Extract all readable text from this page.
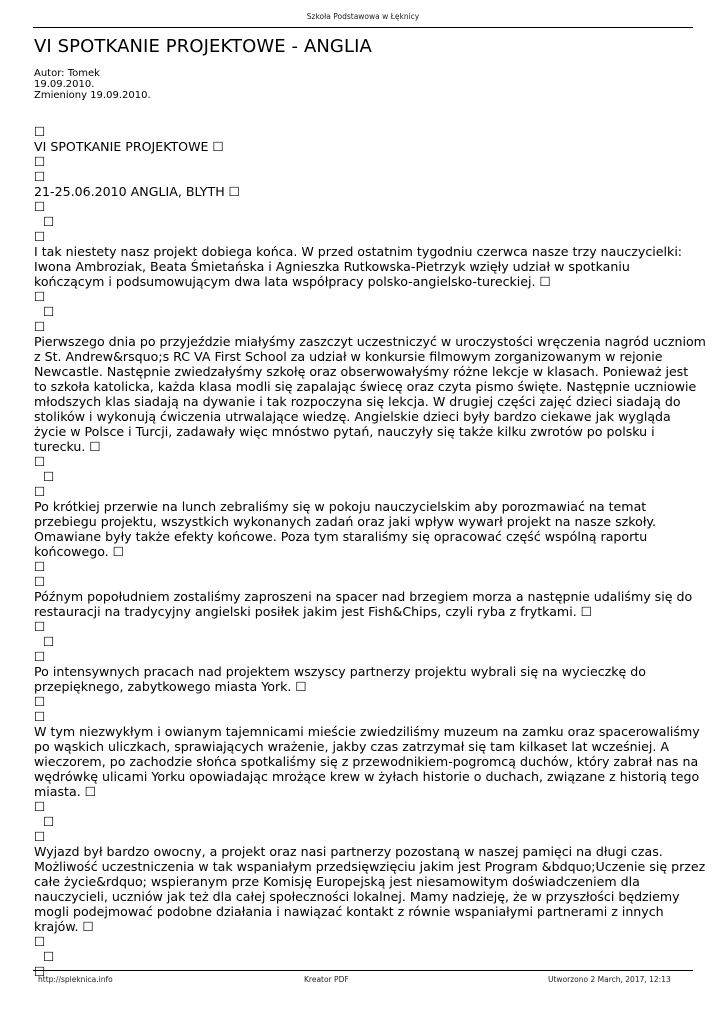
Szkoła Podstawowa w Łęknicy
VI SPOTKANIE PROJEKTOWE - ANGLIA
Autor: Tomek
19.09.2010.
Zmieniony 19.09.2010.
☐
VI SPOTKANIE PROJEKTOWE ☐
☐
☐
21-25.06.2010 ANGLIA, BLYTH ☐
☐
☐
☐
I tak niestety nasz projekt dobiega końca. W przed ostatnim tygodniu czerwca nasze trzy nauczycielki:
Iwona Ambroziak, Beata Śmietańska i Agnieszka Rutkowska-Pietrzyk wzięły udział w spotkaniu
kończącym i podsumowującym dwa lata współpracy polsko-angielsko-tureckiej. ☐
☐
☐
☐
Pierwszego dnia po przyjeździe miałyśmy zaszczyt uczestniczyć w uroczystości wręczenia nagród uczniom
z St. Andrew&rsquo;s RC VA First School za udział w konkursie filmowym zorganizowanym w rejonie
Newcastle. Następnie zwiedzałyśmy szkołę oraz obserwowałyśmy różne lekcje w klasach. Ponieważ jest
to szkoła katolicka, każda klasa modli się zapalając świecę oraz czyta pismo święte. Następnie uczniowie
młodszych klas siadają na dywanie i tak rozpoczyna się lekcja. W drugiej części zajęć dzieci siadają do
stolików i wykonują ćwiczenia utrwalające wiedzę. Angielskie dzieci były bardzo ciekawe jak wygląda
życie w Polsce i Turcji, zadawały więc mnóstwo pytań, nauczyły się także kilku zwrotów po polsku i
turecku. ☐
☐
☐
☐
Po krótkiej przerwie na lunch zebraliśmy się w pokoju nauczycielskim aby porozmawiać na temat
przebiegu projektu, wszystkich wykonanych zadań oraz jaki wpływ wywarł projekt na nasze szkoły.
Omawiane były także efekty końcowe. Poza tym staraliśmy się opracować część wspólną raportu
końcowego. ☐
☐
☐
Późnym popołudniem zostaliśmy zaproszeni na spacer nad brzegiem morza a następnie udaliśmy się do
restauracji na tradycyjny angielski posiłek jakim jest Fish&Chips, czyli ryba z frytkami. ☐
☐
☐
☐
Po intensywnych pracach nad projektem wszyscy partnerzy projektu wybrali się na wycieczkę do
przepięknego, zabytkowego miasta York. ☐
☐
☐
W tym niezwykłym i owianym tajemnicami mieście zwiedziliśmy muzeum na zamku oraz spacerowaliśmy
po wąskich uliczkach, sprawiających wrażenie, jakby czas zatrzymał się tam kilkaset lat wcześniej. A
wieczorem, po zachodzie słońca spotkaliśmy się z przewodnikiem-pogromcą duchów, który zabrał nas na
wędrówkę ulicami Yorku opowiadając mrożące krew w żyłach historie o duchach, związane z historią tego
miasta. ☐
☐
☐
☐
Wyjazd był bardzo owocny, a projekt oraz nasi partnerzy pozostaną w naszej pamięci na długi czas.
Możliwość uczestniczenia w tak wspaniałym przedsięwzięciu jakim jest Program &bdquo;Uczenie się przez
całe życie&rdquo; wspieranym prze Komisję Europejską jest niesamowitym doświadczeniem dla
nauczycieli, uczniów jak też dla całej społeczności lokalnej. Mamy nadzieję, że w przyszłości będziemy
mogli podejmować podobne działania i nawiązać kontakt z równie wspaniałymi partnerami z innych
krajów. ☐
☐
☐
☐
http://spleknica.info	Kreator PDF	Utworzono 2 March, 2017, 12:13
